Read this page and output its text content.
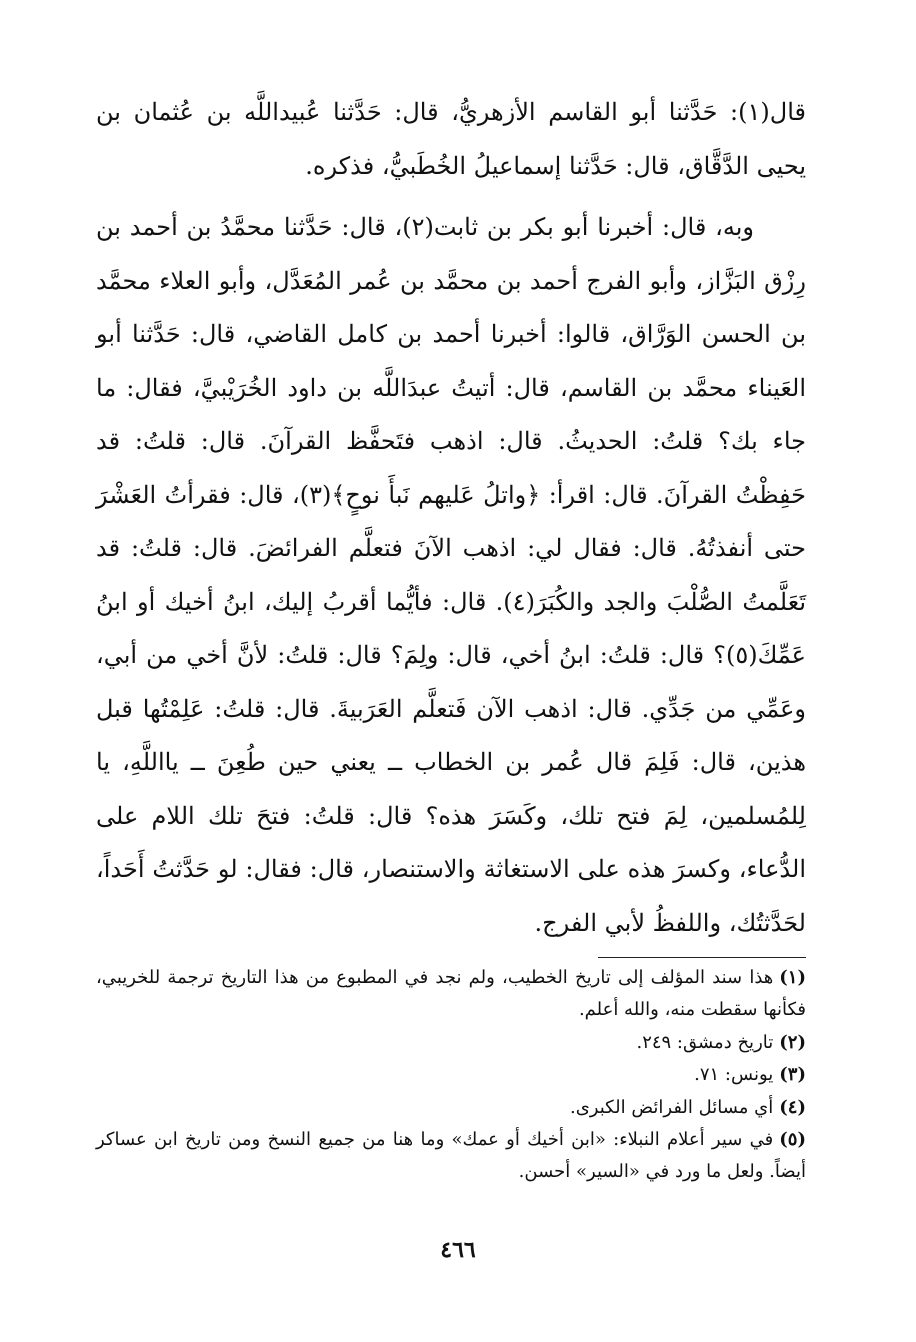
قال(١): حَدَّثنا أبو القاسم الأزهريُّ، قال: حَدَّثنا عُبيداللَّه بن عُثمان بن يحيى الدَّقَّاق، قال: حَدَّثنا إسماعيلُ الخُطَبيُّ، فذكره.

وبه، قال: أخبرنا أبو بكر بن ثابت(٢)، قال: حَدَّثنا محمَّدُ بن أحمد بن رِزْق البَزَّاز، وأبو الفرج أحمد بن محمَّد بن عُمر المُعَدَّل، وأبو العلاء محمَّد بن الحسن الوَرَّاق، قالوا: أخبرنا أحمد بن كامل القاضي، قال: حَدَّثنا أبو العَيناء محمَّد بن القاسم، قال: أتيتُ عبدَاللَّه بن داود الخُرَيْبيَّ، فقال: ما جاء بك؟ قلتُ: الحديثُ. قال: اذهب فتَحفَّظ القرآنَ. قال: قلتُ: قد حَفِظْتُ القرآنَ. قال: اقرأ: ﴿واتلُ عَليهم نَبأَ نوحٍ﴾(٣)، قال: فقرأتُ العَشْرَ حتى أنفذتُهُ. قال: فقال لي: اذهب الآنَ فتعلَّم الفرائضَ. قال: قلتُ: قد تَعَلَّمتُ الصُّلْبَ والجد والكُبَرَ(٤). قال: فأيُّما أقربُ إليك، ابنُ أخيك أو ابنُ عَمِّكَ(٥)؟ قال: قلتُ: ابنُ أخي، قال: ولِمَ؟ قال: قلتُ: لأنَّ أخي من أبي، وعَمِّي من جَدِّي. قال: اذهب الآن فَتعلَّم العَرَبيةَ. قال: قلتُ: عَلِمْتُها قبل هذين، قال: فَلِمَ قال عُمر بن الخطاب ــ يعني حين طُعِنَ ــ يااللَّهِ، يا لِلمُسلمين، لِمَ فتح تلك، وكَسَرَ هذه؟ قال: قلتُ: فتحَ تلك اللام على الدُّعاء، وكسرَ هذه على الاستغاثة والاستنصار، قال: فقال: لو حَدَّثتُ أَحَداً، لحَدَّثتُك، واللفظُ لأبي الفرج.

(١)هذا سند المؤلف إلى تاريخ الخطيب، ولم نجد في المطبوع من هذا التاريخ ترجمة للخريبي، فكأنها سقطت منه، والله أعلم.

(٢)تاريخ دمشق: ٢٤٩.

(٣)يونس: ٧١.

(٤)أي مسائل الفرائض الكبرى.

(٥)في سير أعلام النبلاء: «ابن أخيك أو عمك» وما هنا من جميع النسخ ومن تاريخ ابن عساكر أيضاً. ولعل ما ورد في «السير» أحسن.

٤٦٦
